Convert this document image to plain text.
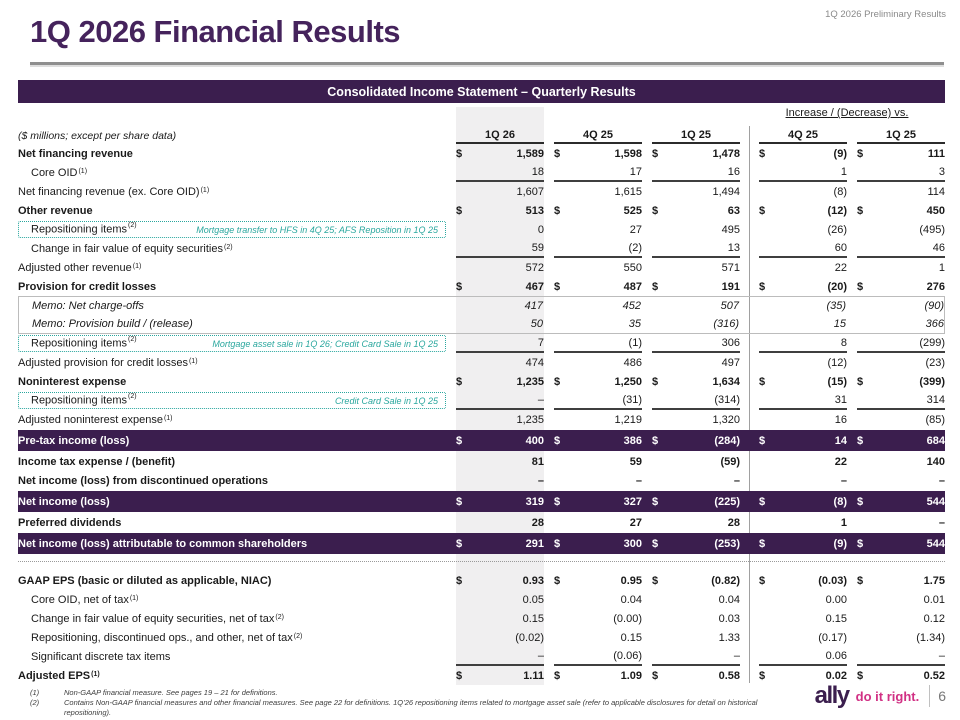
1Q 2026 Preliminary Results
1Q 2026 Financial Results
Consolidated Income Statement – Quarterly Results
Increase / (Decrease) vs.
($ millions; except per share data)	1Q 26	4Q 25	1Q 25	4Q 25	1Q 25
Net financing revenue	$	1,589 $	1,598 $	1,478 $	(9) $	111
Core OID$^{(1)}$	18	17	16	1	3
Net financing revenue (ex. Core OID)$^{(1)}$	1,607	1,615	1,494	(8)	114
Other revenue	$	513 $	525 $	63 $	(12) $	450
Repositioning items$^{(2)}$	Mortgage transfer to HFS in 4Q 25; AFS Reposition in 1Q 25	0	27	495	(26)	(495)
Change in fair value of equity securities$^{(2)}$	59	(2)	13	60	46
Adjusted other revenue$^{(1)}$	572	550	571	22	1
Provision for credit losses	$	467 $	487 $	191 $	(20) $	276
Memo: Net charge-offs	417	452	507	(35)	(90)
Memo: Provision build / (release)	50	35	(316)	15	366
Repositioning items$^{(2)}$	Mortgage asset sale in 1Q 26; Credit Card Sale in 1Q 25	7	(1)	306	8	(299)
Adjusted provision for credit losses$^{(1)}$	474	486	497	(12)	(23)
Noninterest expense	$	1,235 $	1,250 $	1,634 $	(15) $	(399)
Repositioning items$^{(2)}$	Credit Card Sale in 1Q 25	–	(31)	(314)	31	314
Adjusted noninterest expense$^{(1)}$	1,235	1,219	1,320	16	(85)
Pre-tax income (loss)	$	400 $	386 $	(284) $	14 $	684
Income tax expense / (benefit)	81	59	(59)	22	140
Net income (loss) from discontinued operations	–	–	–	–	–
Net income (loss)	$	319 $	327 $	(225) $	(8) $	544
Preferred dividends	28	27	28	1	–
Net income (loss) attributable to common shareholders	$	291 $	300 $	(253) $	(9) $	544
GAAP EPS (basic or diluted as applicable, NIAC)	$	0.93 $	0.95 $	(0.82) $	(0.03) $	1.75
Core OID, net of tax$^{(1)}$	0.05	0.04	0.04	0.00	0.01
Change in fair value of equity securities, net of tax$^{(2)}$	0.15	(0.00)	0.03	0.15	0.12
Repositioning, discontinued ops., and other, net of tax$^{(2)}$	(0.02)	0.15	1.33	(0.17)	(1.34)
Significant discrete tax items	–	(0.06)	–	0.06	–
Adjusted EPS$^{(1)}$	$	1.11 $	1.09 $	0.58 $	0.02 $	0.52
(1)	Non-GAAP financial measure. See pages 19 – 21 for definitions.
(2)	Contains Non-GAAP financial measures and other financial measures. See page 22 for definitions. 1Q’26 repositioning items related to mortgage asset sale (refer to applicable disclosures for detail on historical repositioning).
ally do it right. 6
